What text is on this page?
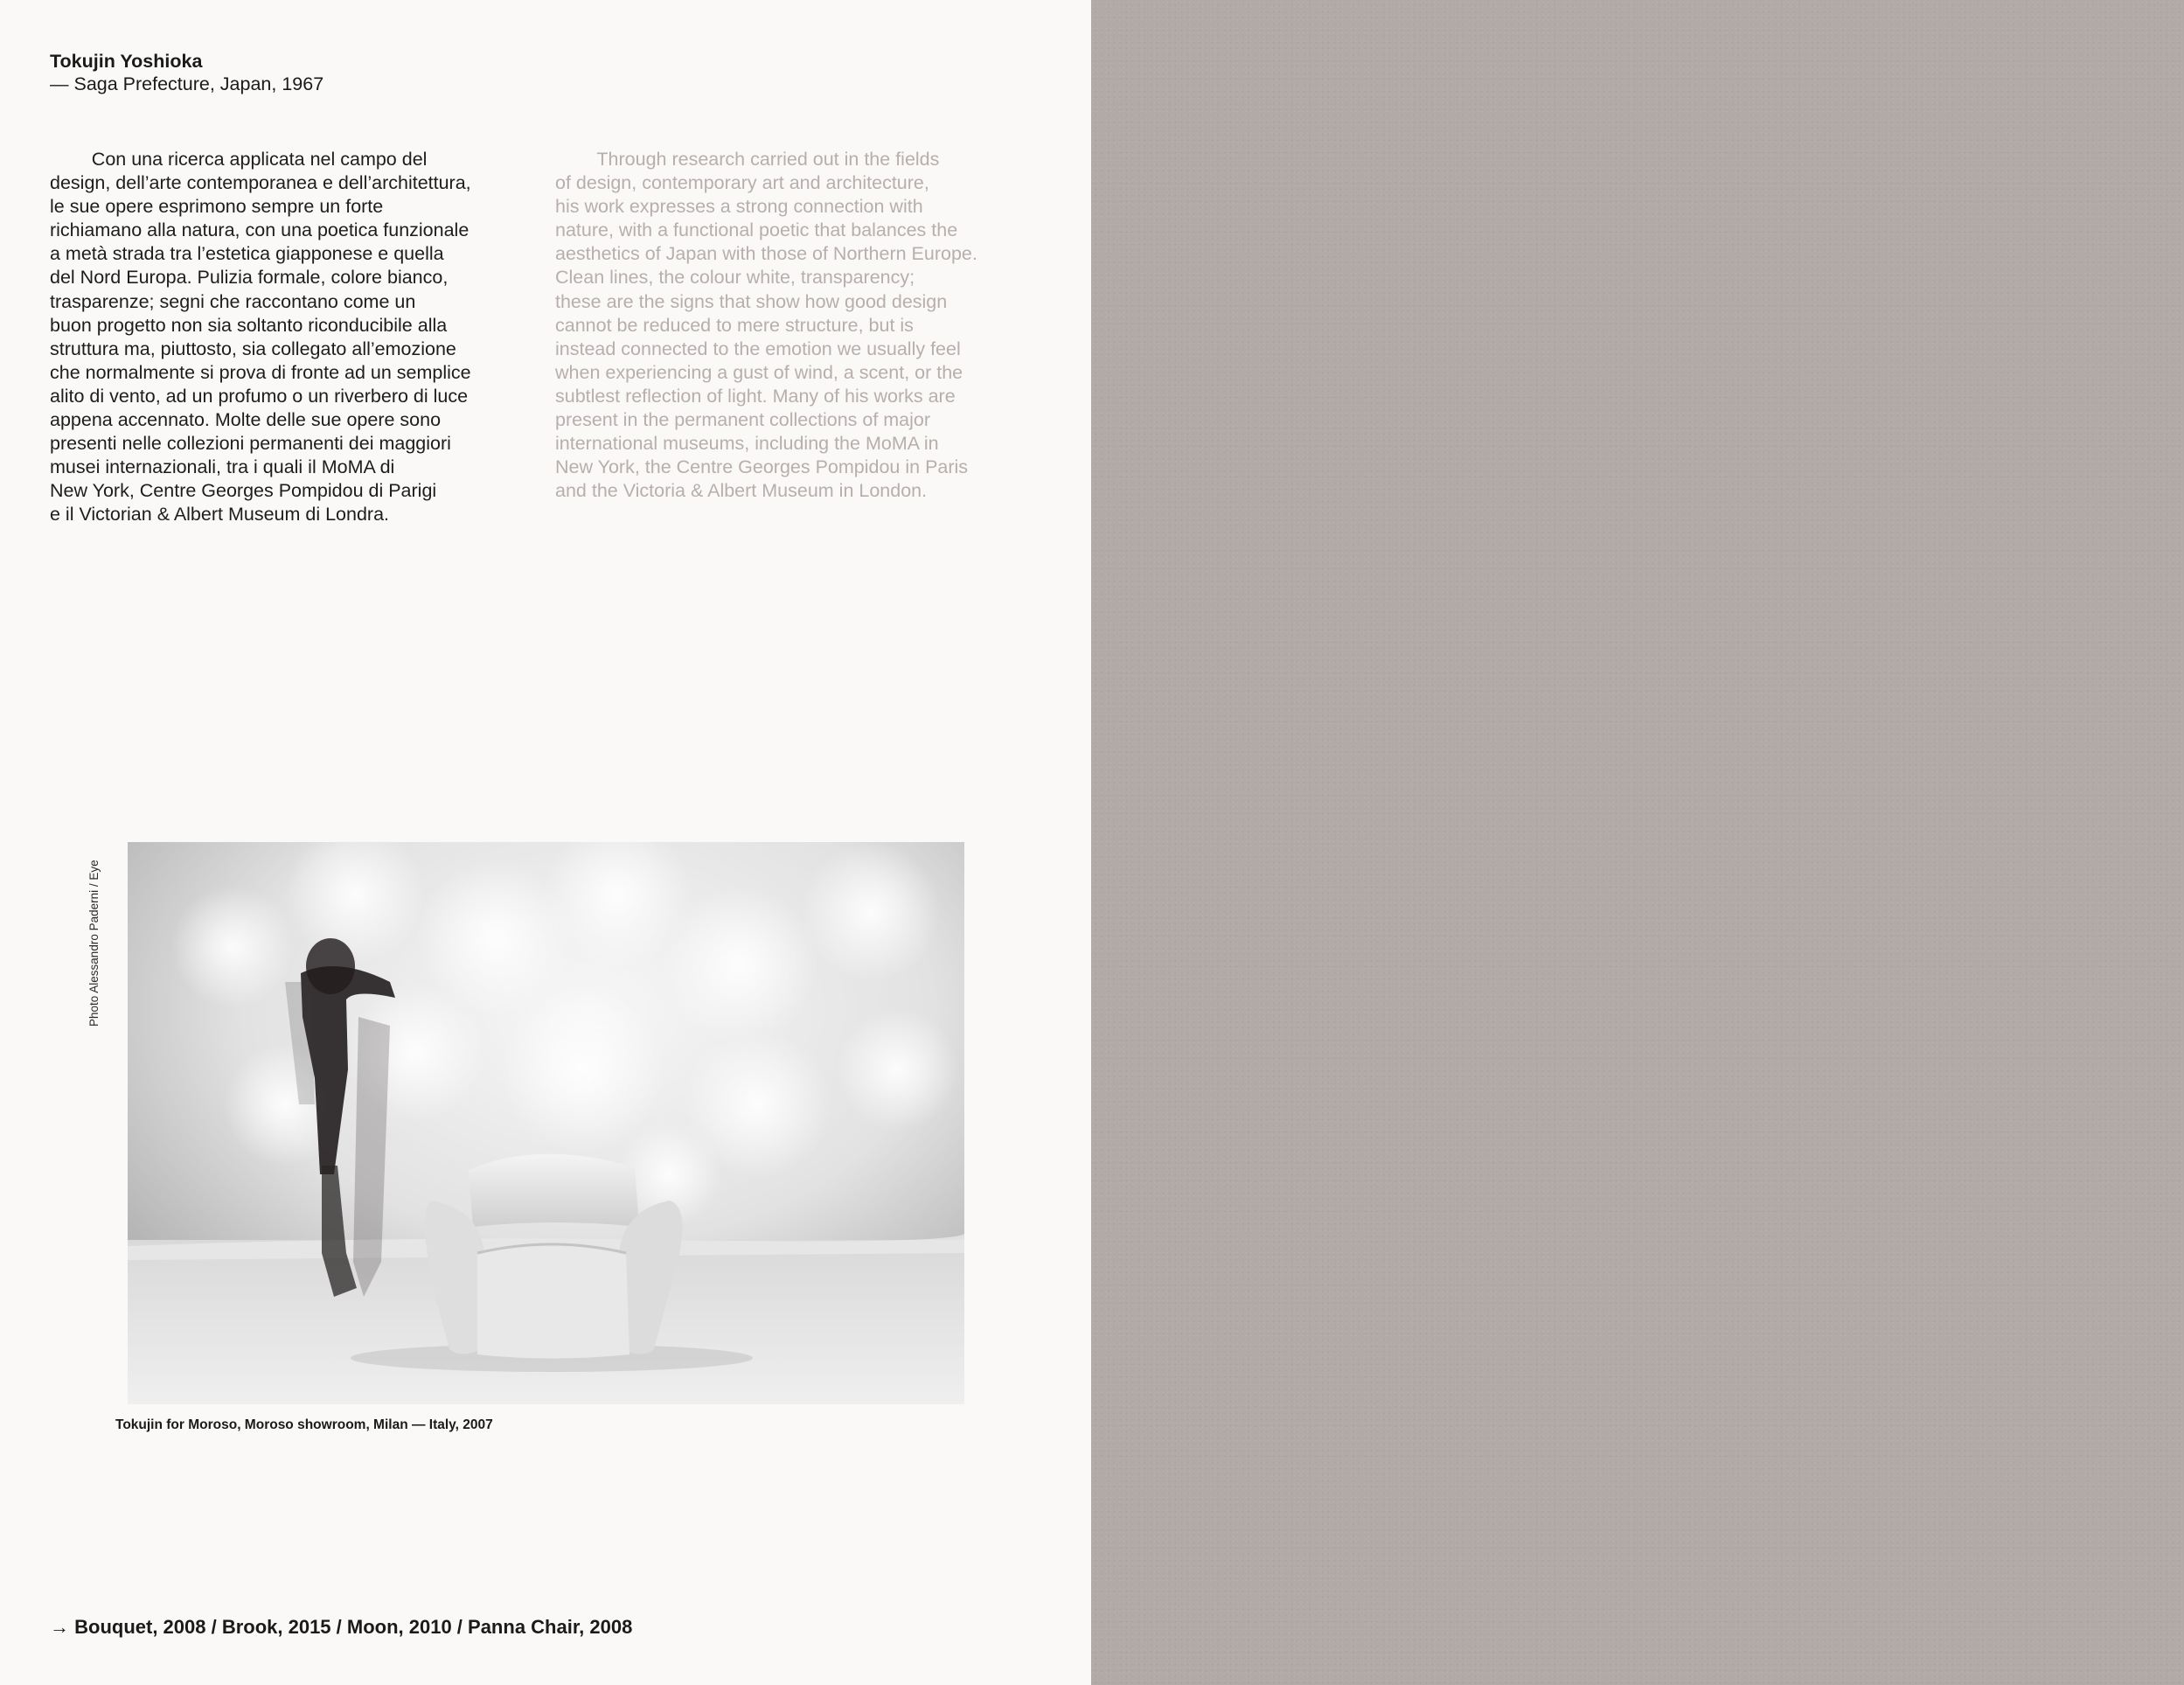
Tokujin Yoshioka

— Saga Prefecture, Japan, 1967

Con una ricerca applicata nel campo del
design, dell’arte contemporanea e dell’architettura,
le sue opere esprimono sempre un forte
richiamano alla natura, con una poetica funzionale
a metà strada tra l’estetica giapponese e quella
del Nord Europa. Pulizia formale, colore bianco,
trasparenze; segni che raccontano come un
buon progetto non sia soltanto riconducibile alla
struttura ma, piuttosto, sia collegato all’emozione
che normalmente si prova di fronte ad un semplice
alito di vento, ad un profumo o un riverbero di luce
appena accennato. Molte delle sue opere sono
presenti nelle collezioni permanenti dei maggiori
musei internazionali, tra i quali il MoMA di
New York, Centre Georges Pompidou di Parigi
e il Victorian & Albert Museum di Londra.

Through research carried out in the fields
of design, contemporary art and architecture,
his work expresses a strong connection with
nature, with a functional poetic that balances the
aesthetics of Japan with those of Northern Europe.
Clean lines, the colour white, transparency;
these are the signs that show how good design
cannot be reduced to mere structure, but is
instead connected to the emotion we usually feel
when experiencing a gust of wind, a scent, or the
subtlest reflection of light. Many of his works are
present in the permanent collections of major
international museums, including the MoMA in
New York, the Centre Georges Pompidou in Paris
and the Victoria & Albert Museum in London.

Photo Alessandro Paderni / Eye
Tokujin for Moroso, Moroso showroom, Milan — Italy, 2007
→ Bouquet, 2008 / Brook, 2015 / Moon, 2010 / Panna Chair, 2008
